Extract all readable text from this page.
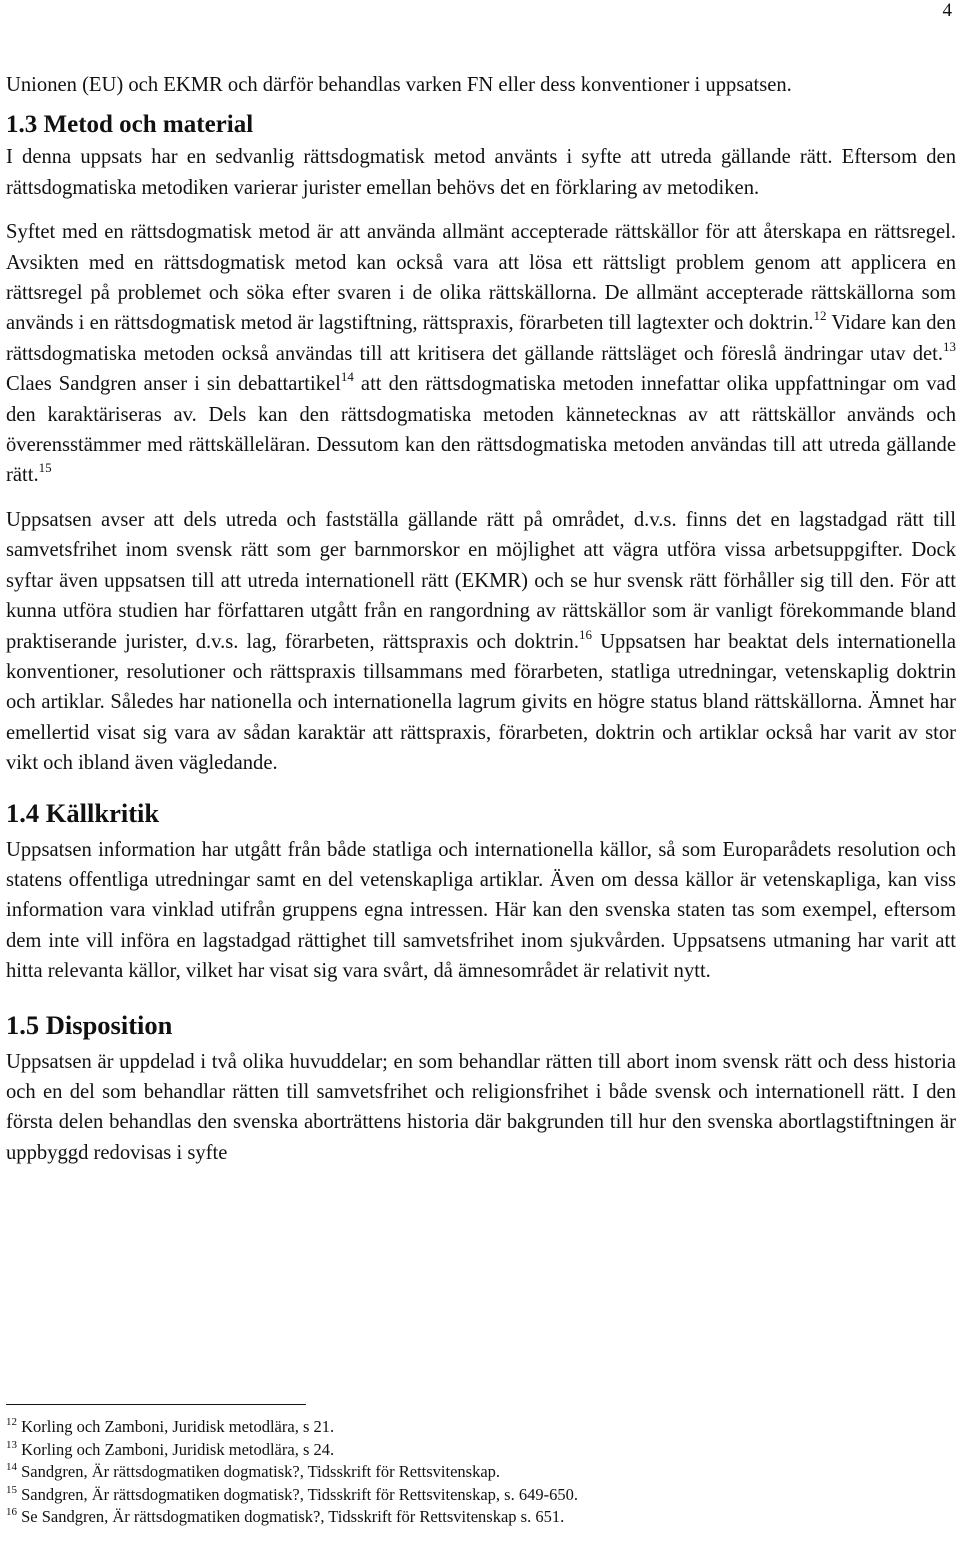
4

Unionen (EU) och EKMR och därför behandlas varken FN eller dess konventioner i uppsatsen.

1.3 Metod och material

I denna uppsats har en sedvanlig rättsdogmatisk metod använts i syfte att utreda gällande rätt. Eftersom den rättsdogmatiska metodiken varierar jurister emellan behövs det en förklaring av metodiken.

Syftet med en rättsdogmatisk metod är att använda allmänt accepterade rättskällor för att återskapa en rättsregel. Avsikten med en rättsdogmatisk metod kan också vara att lösa ett rättsligt problem genom att applicera en rättsregel på problemet och söka efter svaren i de olika rättskällorna. De allmänt accepterade rättskällorna som används i en rättsdogmatisk metod är lagstiftning, rättspraxis, förarbeten till lagtexter och doktrin.$^{12}$ Vidare kan den rättsdogmatiska metoden också användas till att kritisera det gällande rättsläget och föreslå ändringar utav det.$^{13}$ Claes Sandgren anser i sin debattartikel$^{14}$ att den rättsdogmatiska metoden innefattar olika uppfattningar om vad den karaktäriseras av. Dels kan den rättsdogmatiska metoden kännetecknas av att rättskällor används och överensstämmer med rättskälleläran. Dessutom kan den rättsdogmatiska metoden användas till att utreda gällande rätt.$^{15}$

Uppsatsen avser att dels utreda och fastställa gällande rätt på området, d.v.s. finns det en lagstadgad rätt till samvetsfrihet inom svensk rätt som ger barnmorskor en möjlighet att vägra utföra vissa arbetsuppgifter. Dock syftar även uppsatsen till att utreda internationell rätt (EKMR) och se hur svensk rätt förhåller sig till den. För att kunna utföra studien har författaren utgått från en rangordning av rättskällor som är vanligt förekommande bland praktiserande jurister, d.v.s. lag, förarbeten, rättspraxis och doktrin.$^{16}$ Uppsatsen har beaktat dels internationella konventioner, resolutioner och rättspraxis tillsammans med förarbeten, statliga utredningar, vetenskaplig doktrin och artiklar. Således har nationella och internationella lagrum givits en högre status bland rättskällorna. Ämnet har emellertid visat sig vara av sådan karaktär att rättspraxis, förarbeten, doktrin och artiklar också har varit av stor vikt och ibland även vägledande.

1.4 Källkritik

Uppsatsen information har utgått från både statliga och internationella källor, så som Europarådets resolution och statens offentliga utredningar samt en del vetenskapliga artiklar. Även om dessa källor är vetenskapliga, kan viss information vara vinklad utifrån gruppens egna intressen. Här kan den svenska staten tas som exempel, eftersom dem inte vill införa en lagstadgad rättighet till samvetsfrihet inom sjukvården. Uppsatsens utmaning har varit att hitta relevanta källor, vilket har visat sig vara svårt, då ämnesområdet är relativit nytt.

1.5 Disposition

Uppsatsen är uppdelad i två olika huvuddelar; en som behandlar rätten till abort inom svensk rätt och dess historia och en del som behandlar rätten till samvetsfrihet och religionsfrihet i både svensk och internationell rätt. I den första delen behandlas den svenska aborträttens historia där bakgrunden till hur den svenska abortlagstiftningen är uppbyggd redovisas i syfte

$^{12}$ Korling och Zamboni, Juridisk metodlära, s 21.
$^{13}$ Korling och Zamboni, Juridisk metodlära, s 24.
$^{14}$ Sandgren, Är rättsdogmatiken dogmatisk?, Tidsskrift för Rettsvitenskap.
$^{15}$ Sandgren, Är rättsdogmatiken dogmatisk?, Tidsskrift för Rettsvitenskap, s. 649-650.
$^{16}$ Se Sandgren, Är rättsdogmatiken dogmatisk?, Tidsskrift för Rettsvitenskap s. 651.
